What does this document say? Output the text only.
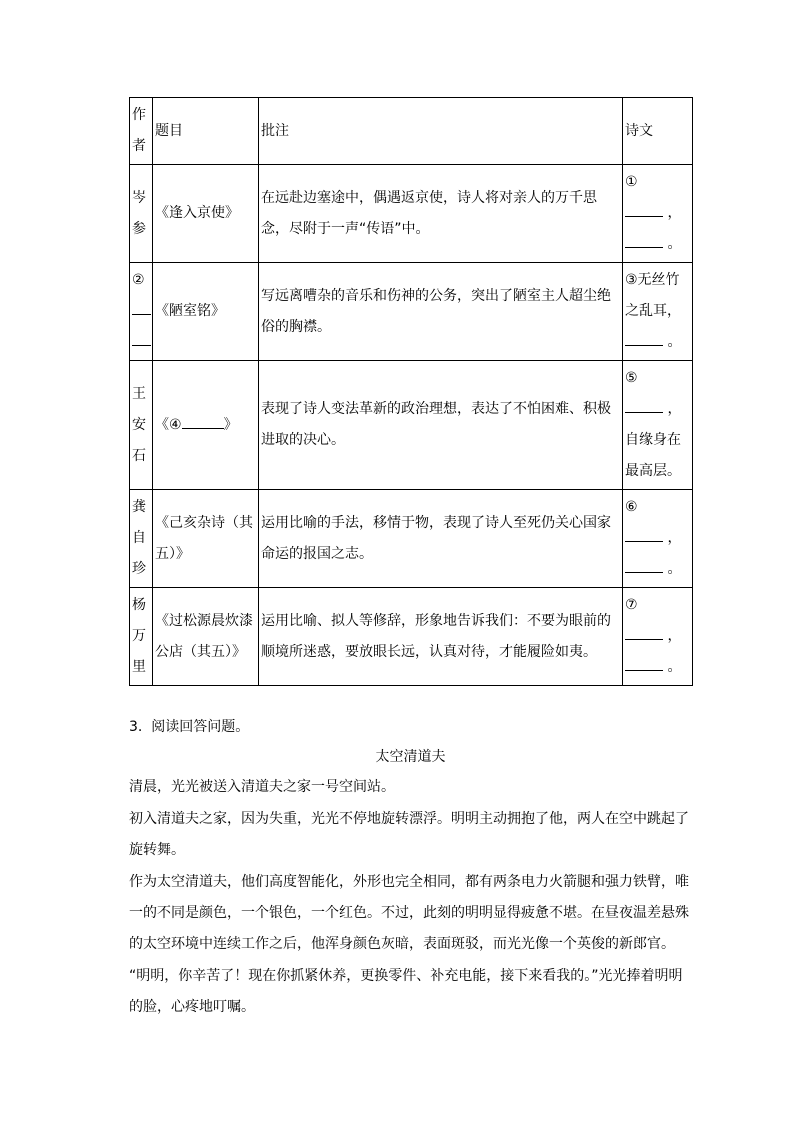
作者	题目	批注	诗文
岑参	《逢入京使》	在远赴边塞途中，偶遇返京使，诗人将对亲人的万千思念，尽附于一声“传语”中。	①
，
。
②	《陋室铭》	写远离嘈杂的音乐和伤神的公务，突出了陋室主人超尘绝俗的胸襟。	③无丝竹之乱耳，
。
王安石	《④ 》	表现了诗人变法革新的政治理想，表达了不怕困难、积极进取的决心。	⑤
，
自缘身在最高层。
龚自珍	《己亥杂诗（其五）》	运用比喻的手法，移情于物，表现了诗人至死仍关心国家命运的报国之志。	⑥
，
。
杨万里	《过松源晨炊漆公店（其五）》	运用比喻、拟人等修辞，形象地告诉我们：不要为眼前的顺境所迷惑，要放眼长远，认真对待，才能履险如夷。	⑦
，
。
3. 阅读回答问题。
太空清道夫
清晨，光光被送入清道夫之家一号空间站。
初入清道夫之家，因为失重，光光不停地旋转漂浮。明明主动拥抱了他，两人在空中跳起了旋转舞。
作为太空清道夫，他们高度智能化，外形也完全相同，都有两条电力火箭腿和强力铁臂，唯一的不同是颜色，一个银色，一个红色。不过，此刻的明明显得疲惫不堪。在昼夜温差悬殊的太空环境中连续工作之后，他浑身颜色灰暗，表面斑驳，而光光像一个英俊的新郎官。
“明明，你辛苦了！现在你抓紧休养，更换零件、补充电能，接下来看我的。”光光捧着明明的脸，心疼地叮嘱。
